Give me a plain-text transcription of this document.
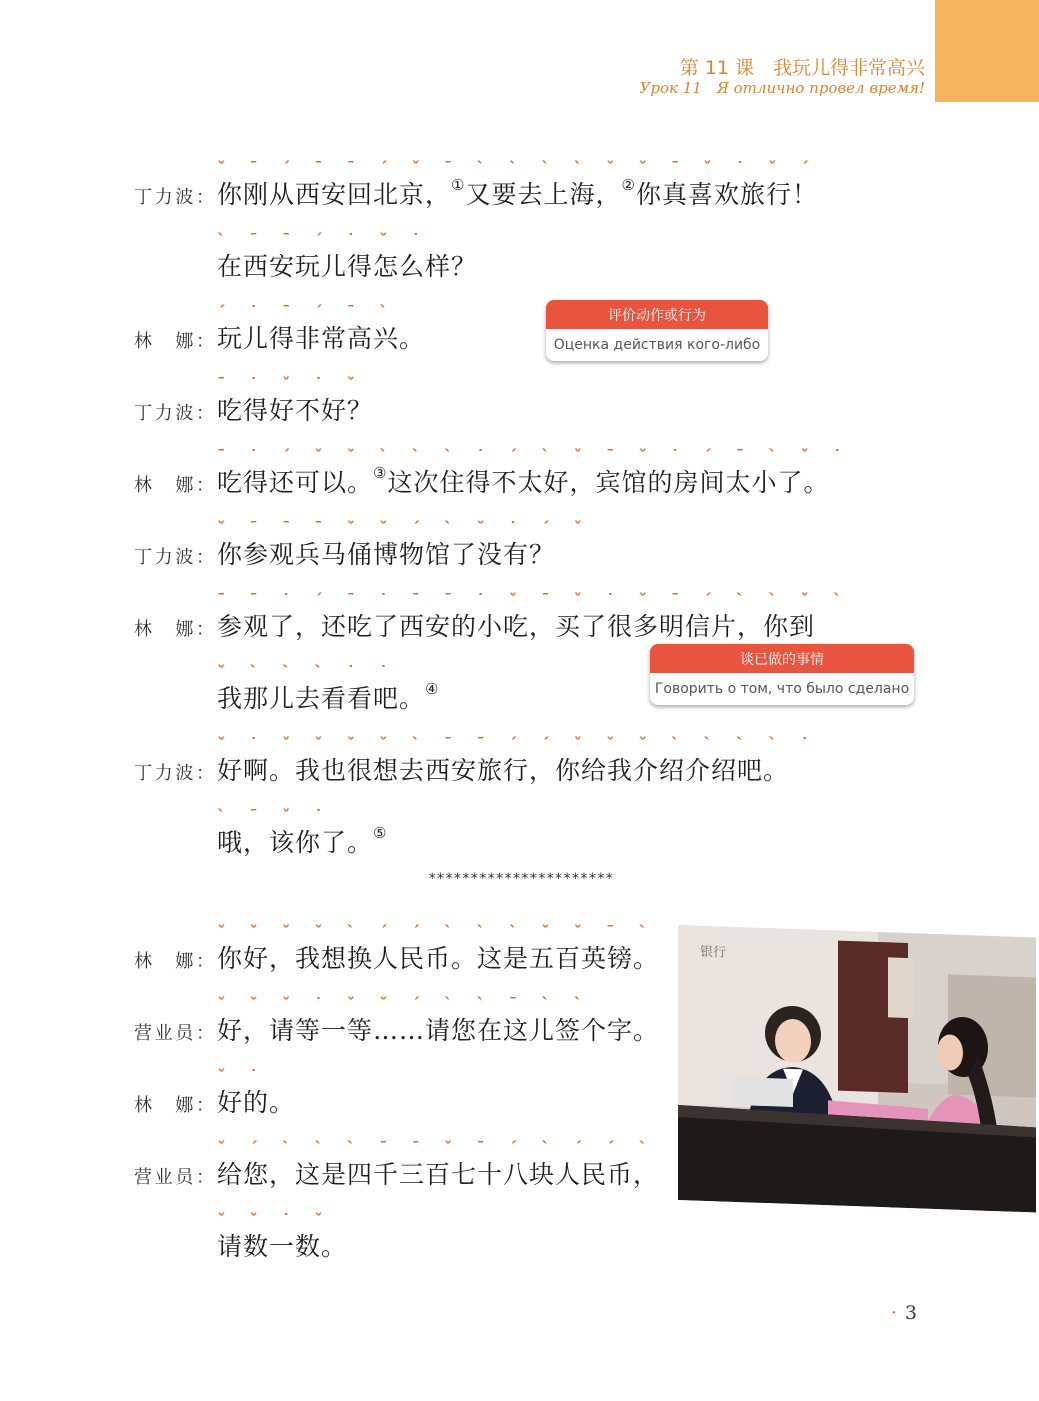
第 11 课　我玩儿得非常高兴
Урок 11　Я отлично провел время!
丁力波：
ˇ ˉ ˊ ˉ ˉ ˊ ˇ ˉ ˋ ˋ ˋ ˋ ˇ ˇ ˉ ˇ ˙ ˇ ˊ
你刚从西安回北京，①又要去上海，②你真喜欢旅行！
ˋ ˉ ˉ ˊ ˙ ˇ ˙
在西安玩儿得怎么样？
林　娜：
ˊ ˙ ˉ ˊ ˉ ˋ
玩儿得非常高兴。
丁力波：
ˉ ˙ ˇ ˙ ˇ
吃得好不好？
林　娜：
ˉ ˙ ˊ ˇ ˇ ˋ ˋ ˋ ˙ ˊ ˋ ˇ ˉ ˇ ˙ ˊ ˉ ˋ ˇ ˙
吃得还可以。③这次住得不太好，宾馆的房间太小了。
丁力波：
ˇ ˉ ˉ ˉ ˇ ˇ ˊ ˋ ˇ ˙ ˊ ˇ
你参观兵马俑博物馆了没有？
林　娜：
ˉ ˉ ˙ ˊ ˉ ˙ ˉ ˉ ˙ ˇ ˉ ˇ ˙ ˇ ˉ ˊ ˋ ˋ ˇ ˋ
参观了，还吃了西安的小吃，买了很多明信片，你到
ˇ ˋ ˋ ˋ ˙ ˙
我那儿去看看吧。④
丁力波：
ˇ ˙ ˇ ˇ ˇ ˇ ˋ ˉ ˉ ˊ ˊ ˇ ˇ ˇ ˋ ˋ ˋ ˋ ˙
好啊。我也很想去西安旅行，你给我介绍介绍吧。
ˋ ˉ ˇ ˙
哦，该你了。⑤
评价动作或行为
Оценка действия кого-либо
谈已做的事情
Говорить о том, что было сделано
**********************
林　娜：
ˇ ˇ ˇ ˇ ˋ ˊ ˊ ˋ ˋ ˋ ˇ ˇ ˉ ˋ
你好，我想换人民币。这是五百英镑。
营业员：
ˇ ˇ ˇ ˙ ˇ ˇ ˊ ˋ ˋ ˉ ˋ ˋ
好，请等一等……请您在这儿签个字。
林　娜：
ˇ ˙
好的。
营业员：
ˇ ˊ ˋ ˋ ˋ ˉ ˉ ˇ ˉ ˊ ˋ ˊ ˊ ˋ
给您，这是四千三百七十八块人民币，
ˇ ˇ ˙ ˇ
请数一数。
银行
· 3
